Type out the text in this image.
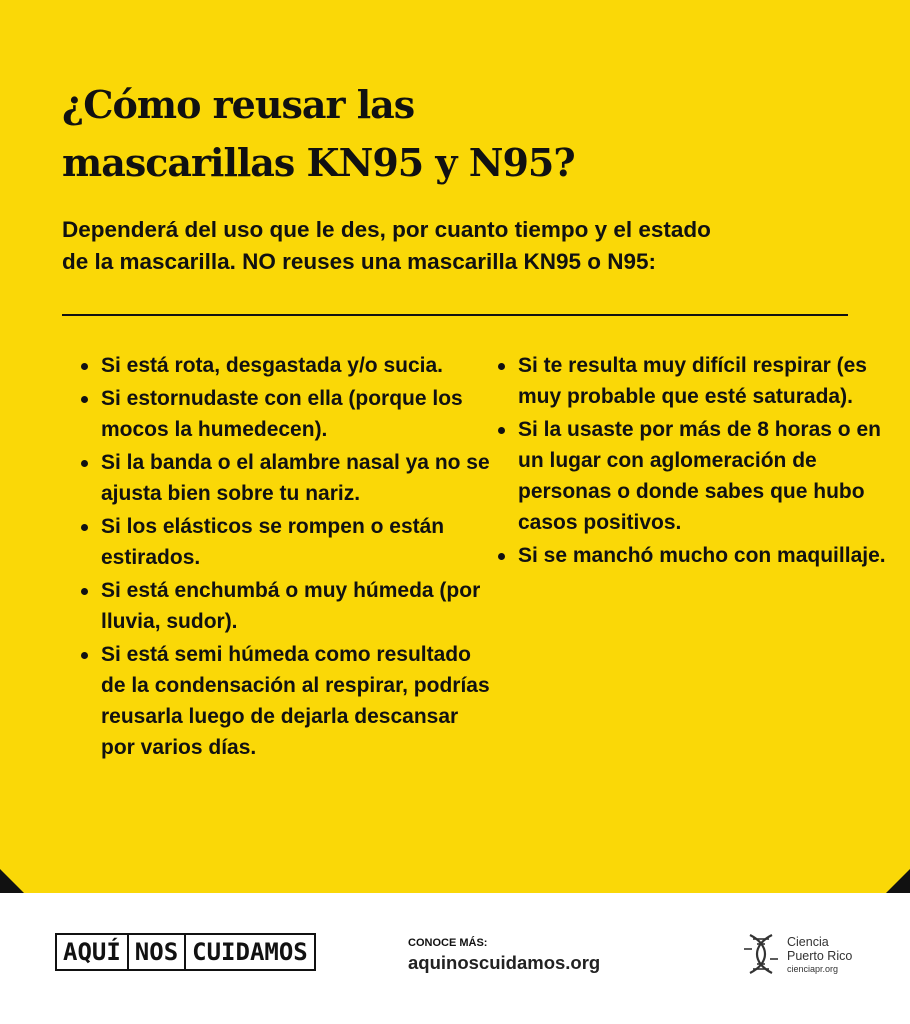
¿Cómo reusar las
mascarillas KN95 y N95?

Dependerá del uso que le des, por cuanto tiempo y el estado
de la mascarilla. NO reuses una mascarilla KN95 o N95:

Si está rota, desgastada y/o sucia.
Si estornudaste con ella (porque los mocos la humedecen).
Si la banda o el alambre nasal ya no se ajusta bien sobre tu nariz.
Si los elásticos se rompen o están estirados.
Si está enchumbá o muy húmeda (por lluvia, sudor).
Si está semi húmeda como resultado de la condensación al respirar, podrías reusarla luego de dejarla descansar por varios días.
Si te resulta muy difícil respirar (es muy probable que esté saturada).
Si la usaste por más de 8 horas o en un lugar con aglomeración de personas o donde sabes que hubo casos positivos.
Si se manchó mucho con maquillaje.
AQUÍ NOS CUIDAMOS	CONOCE MÁS:
aquinoscuidamos.org
Ciencia
Puerto Rico
cienciapr.org
